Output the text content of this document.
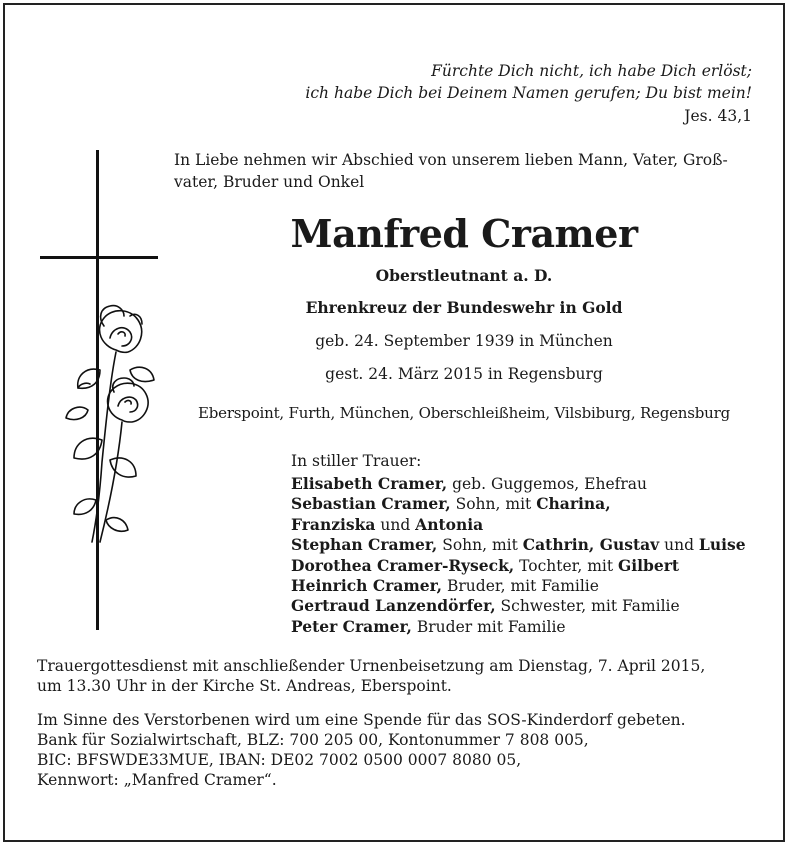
Fürchte Dich nicht, ich habe Dich erlöst;
ich habe Dich bei Deinem Namen gerufen; Du bist mein!
Jes. 43,1
In Liebe nehmen wir Abschied von unserem lieben Mann, Vater, Groß-
vater, Bruder und Onkel
Manfred Cramer
Oberstleutnant a. D.
Ehrenkreuz der Bundeswehr in Gold
geb. 24. September 1939 in München
gest. 24. März 2015 in Regensburg
Eberspoint, Furth, München, Oberschleißheim, Vilsbiburg, Regensburg
In stiller Trauer:
Elisabeth Cramer, geb. Guggemos, Ehefrau
Sebastian Cramer, Sohn, mit Charina,
Franziska und Antonia
Stephan Cramer, Sohn, mit Cathrin, Gustav und Luise
Dorothea Cramer-Ryseck, Tochter, mit Gilbert
Heinrich Cramer, Bruder, mit Familie
Gertraud Lanzendörfer, Schwester, mit Familie
Peter Cramer, Bruder mit Familie
Trauergottesdienst mit anschließender Urnenbeisetzung am Dienstag, 7. April 2015,
um 13.30 Uhr in der Kirche St. Andreas, Eberspoint.
Im Sinne des Verstorbenen wird um eine Spende für das SOS-Kinderdorf gebeten.
Bank für Sozialwirtschaft, BLZ: 700 205 00, Kontonummer 7 808 005,
BIC: BFSWDE33MUE, IBAN: DE02 7002 0500 0007 8080 05,
Kennwort: „Manfred Cramer“.
